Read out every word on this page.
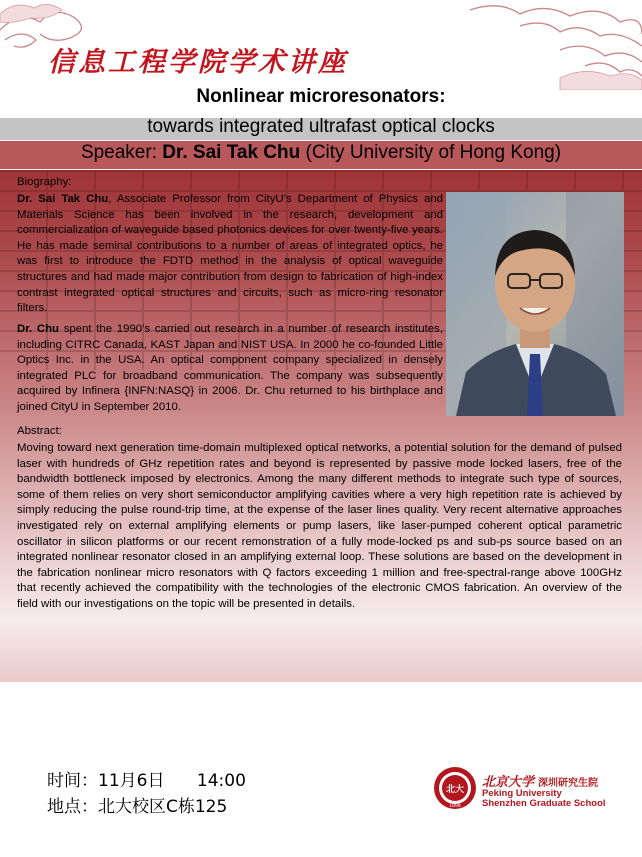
信息工程学院学术讲座
Nonlinear microresonators:
towards integrated ultrafast optical clocks
Speaker: Dr. Sai Tak Chu (City University of Hong Kong)
Biography:
Dr. Sai Tak Chu, Associate Professor from CityU’s Department of Physics and Materials Science has been involved in the research, development and commercialization of waveguide based photonics devices for over twenty-five years. He has made seminal contributions to a number of areas of integrated optics, he was first to introduce the FDTD method in the analysis of optical waveguide structures and had made major contribution from design to fabrication of high-index contrast integrated optical structures and circuits, such as micro-ring resonator filters.
Dr. Chu spent the 1990’s carried out research in a number of research institutes, including CITRC Canada, KAST Japan and NIST USA. In 2000 he co-founded Little Optics Inc. in the USA. An optical component company specialized in densely integrated PLC for broadband communication. The company was subsequently acquired by Infinera {INFN:NASQ} in 2006. Dr. Chu returned to his birthplace and joined CityU in September 2010.
Abstract:
Moving toward next generation time-domain multiplexed optical networks, a potential solution for the demand of pulsed laser with hundreds of GHz repetition rates and beyond is represented by passive mode locked lasers, free of the bandwidth bottleneck imposed by electronics. Among the many different methods to integrate such type of sources, some of them relies on very short semiconductor amplifying cavities where a very high repetition rate is achieved by simply reducing the pulse round-trip time, at the expense of the laser lines quality. Very recent alternative approaches investigated rely on external amplifying elements or pump lasers, like laser-pumped coherent optical parametric oscillator in silicon platforms or our recent remonstration of a fully mode-locked ps and sub-ps source based on an integrated nonlinear resonator closed in an amplifying external loop. These solutions are based on the development in the fabrication nonlinear micro resonators with Q factors exceeding 1 million and free-spectral-range above 100GHz that recently achieved the compatibility with the technologies of the electronic CMOS fabrication. An overview of the field with our investigations on the topic will be presented in details.
时间：11月6日 14:00
地点：北大校区C栋125
北大
1898
北京大学 深圳研究生院
Peking University
Shenzhen Graduate School
